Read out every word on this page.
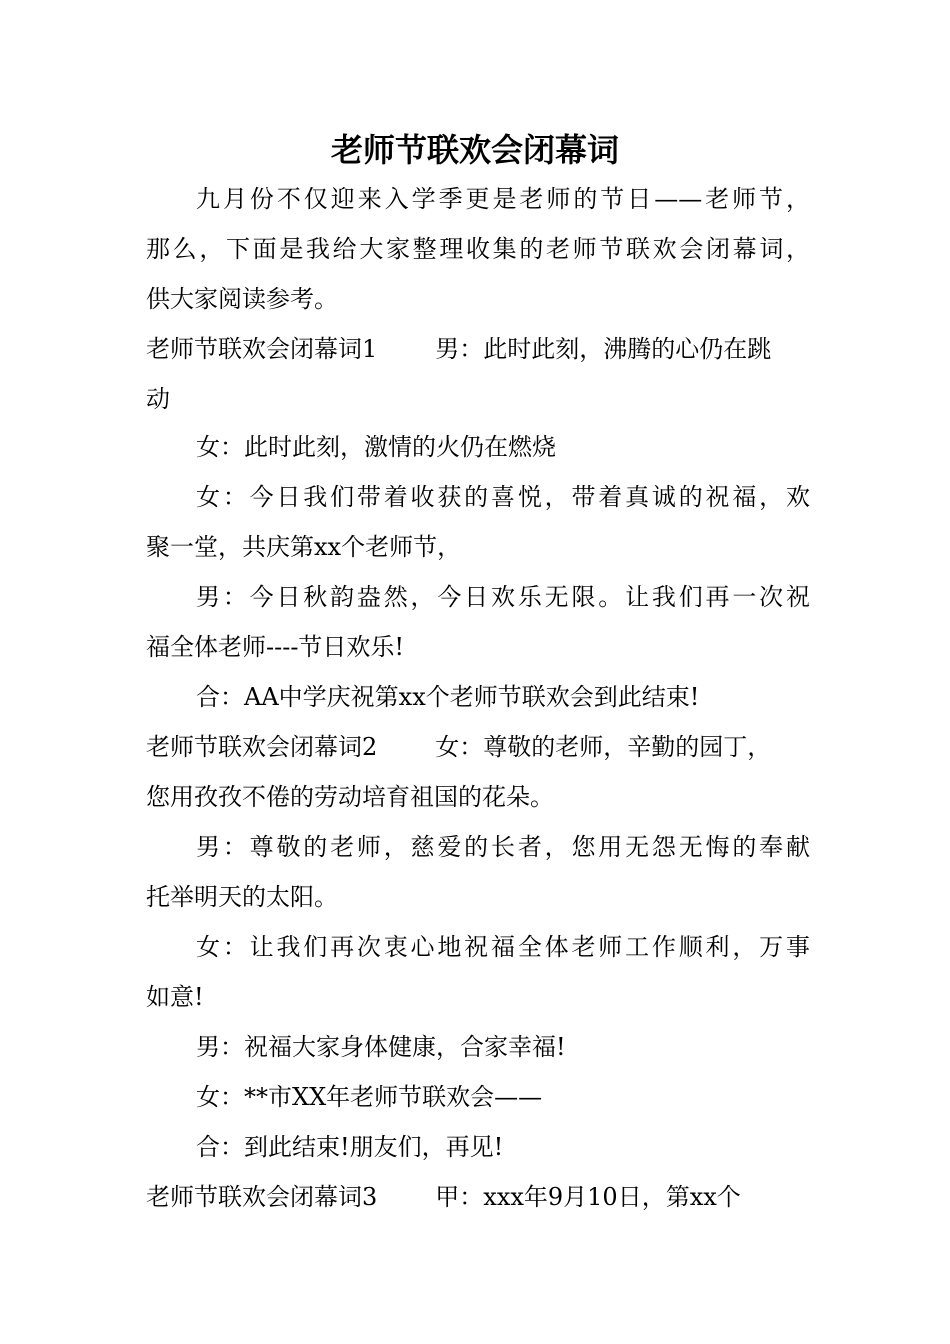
老师节联欢会闭幕词

九月份不仅迎来入学季更是老师的节日——老师节，

那么，下面是我给大家整理收集的老师节联欢会闭幕词，

供大家阅读参考。

老师节联欢会闭幕词1 男：此时此刻，沸腾的心仍在跳

动

女：此时此刻，激情的火仍在燃烧

女：今日我们带着收获的喜悦，带着真诚的祝福，欢

聚一堂，共庆第xx个老师节，

男：今日秋韵盎然，今日欢乐无限。让我们再一次祝

福全体老师----节日欢乐!

合：AA中学庆祝第xx个老师节联欢会到此结束!

老师节联欢会闭幕词2 女：尊敬的老师，辛勤的园丁，

您用孜孜不倦的劳动培育祖国的花朵。

男：尊敬的老师，慈爱的长者，您用无怨无悔的奉献

托举明天的太阳。

女：让我们再次衷心地祝福全体老师工作顺利，万事

如意!

男：祝福大家身体健康，合家幸福!

女：**市XX年老师节联欢会——

合：到此结束!朋友们，再见!

老师节联欢会闭幕词3 甲：xxx年9月10日，第xx个
